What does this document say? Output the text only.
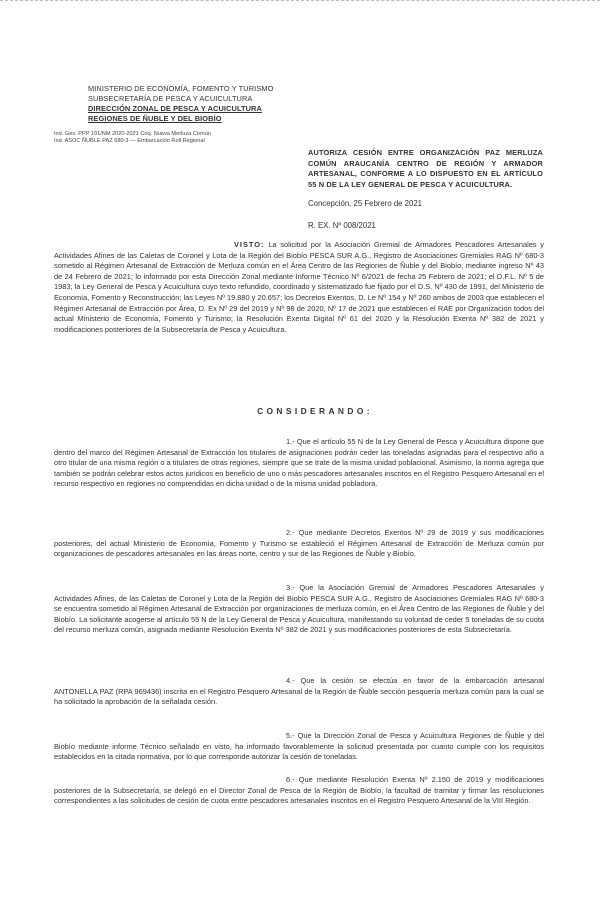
MINISTERIO DE ECONOMÍA, FOMENTO Y TURISMO
SUBSECRETARÍA DE PESCA Y ACUICULTURA
DIRECCIÓN ZONAL DE PESCA Y ACUICULTURA
REGIONES DE ÑUBLE Y DEL BIOBÍO
Ind. Ges. PPP 191/NM 2020-2021 Coq. Nueva Merluza Común
Ind. ASOC ÑUBLE PAZ 680-3 — Embarcación Roll Regional
AUTORIZA CESIÓN ENTRE ORGANIZACIÓN PAZ MERLUZA COMÚN ARAUCANÍA CENTRO DE REGIÓN Y ARMADOR ARTESANAL, CONFORME A LO DISPUESTO EN EL ARTÍCULO 55 N DE LA LEY GENERAL DE PESCA Y ACUICULTURA.
Concepción, 25 Febrero de 2021
R. EX. Nº 008/2021
VISTO: La solicitud por la Asociación Gremial de Armadores Pescadores Artesanales y Actividades Afines de las Caletas de Coronel y Lota de la Región del Biobío PESCA SUR A.G., Registro de Asociaciones Gremiales RAG Nº 680-3 sometido al Régimen Artesanal de Extracción de Merluza común en el Área Centro de las Regiones de Ñuble y del Biobío, mediante ingreso Nº 43 de 24 Febrero de 2021; lo informado por esta Dirección Zonal mediante Informe Técnico Nº 6/2021 de fecha 25 Febrero de 2021; el D.F.L. Nº 5 de 1983; la Ley General de Pesca y Acuicultura cuyo texto refundido, coordinado y sistematizado fue fijado por el D.S. Nº 430 de 1991, del Ministerio de Economía, Fomento y Reconstrucción; las Leyes Nº 19.880 y 20.657; los Decretos Exentos, D. Le Nº 154 y Nº 260 ambos de 2003 que establecen el Régimen Artesanal de Extracción por Área, D. Ex Nº 29 del 2019 y Nº 98 de 2020, Nº 17 de 2021 que establecen el RAE por Organización todos del actual Ministerio de Economía, Fomento y Turismo; la Resolución Exenta Digital Nº 61 del 2020 y la Resolución Exenta Nº 382 de 2021 y modificaciones posteriores de la Subsecretaría de Pesca y Acuicultura.
CONSIDERANDO:
1.- Que el artículo 55 N de la Ley General de Pesca y Acuicultura dispone que dentro del marco del Régimen Artesanal de Extracción los titulares de asignaciones podrán ceder las toneladas asignadas para el respectivo año a otro titular de una misma región o a titulares de otras regiones, siempre que se trate de la misma unidad poblacional. Asimismo, la norma agrega que también se podrán celebrar estos actos jurídicos en beneficio de uno o más pescadores artesanales inscritos en el Registro Pesquero Artesanal en el recurso respectivo en regiones no comprendidas en dicha unidad o de la misma unidad pobladora.
2.- Que mediante Decretos Exentos Nº 29 de 2019 y sus modificaciones posteriores, del actual Ministerio de Economía, Fomento y Turismo se estableció el Régimen Artesanal de Extracción de Merluza común por organizaciones de pescadores artesanales en las áreas norte, centro y sur de las Regiones de Ñuble y Biobío.
3.- Que la Asociación Gremial de Armadores Pescadores Artesanales y Actividades Afines, de las Caletas de Coronel y Lota de la Región del Biobío PESCA SUR A.G., Registro de Asociaciones Gremiales RAG Nº 680-3 se encuentra sometido al Régimen Artesanal de Extracción por organizaciones de merluza común, en el Área Centro de las Regiones de Ñuble y del Biobío. La solicitante acogerse al artículo 55 N de la Ley General de Pesca y Acuicultura, manifestando su voluntad de ceder 5 toneladas de su cuota del recurso merluza común, asignada mediante Resolución Exenta Nº 382 de 2021 y sus modificaciones posteriores de esta Subsecretaría.
4.- Que la cesión se efectúa en favor de la embarcación artesanal ANTONELLA PAZ (RPA 969436) inscrita en el Registro Pesquero Artesanal de la Región de Ñuble sección pesquería merluza común para la cual se ha solicitado la aprobación de la señalada cesión.
5.- Que la Dirección Zonal de Pesca y Acuicultura Regiones de Ñuble y del Biobío mediante informe Técnico señalado en visto, ha informado favorablemente la solicitud presentada por cuanto cumple con los requisitos establecidos en la citada normativa, por lo que corresponde autorizar la cesión de toneladas.
6.- Que mediante Resolución Exenta Nº 2.150 de 2019 y modificaciones posteriores de la Subsecretaría, se delegó en el Director Zonal de Pesca de la Región de Biobío, la facultad de tramitar y firmar las resoluciones correspondientes a las solicitudes de cesión de cuota entre pescadores artesanales inscritos en el Registro Pesquero Artesanal de la VIII Región.
